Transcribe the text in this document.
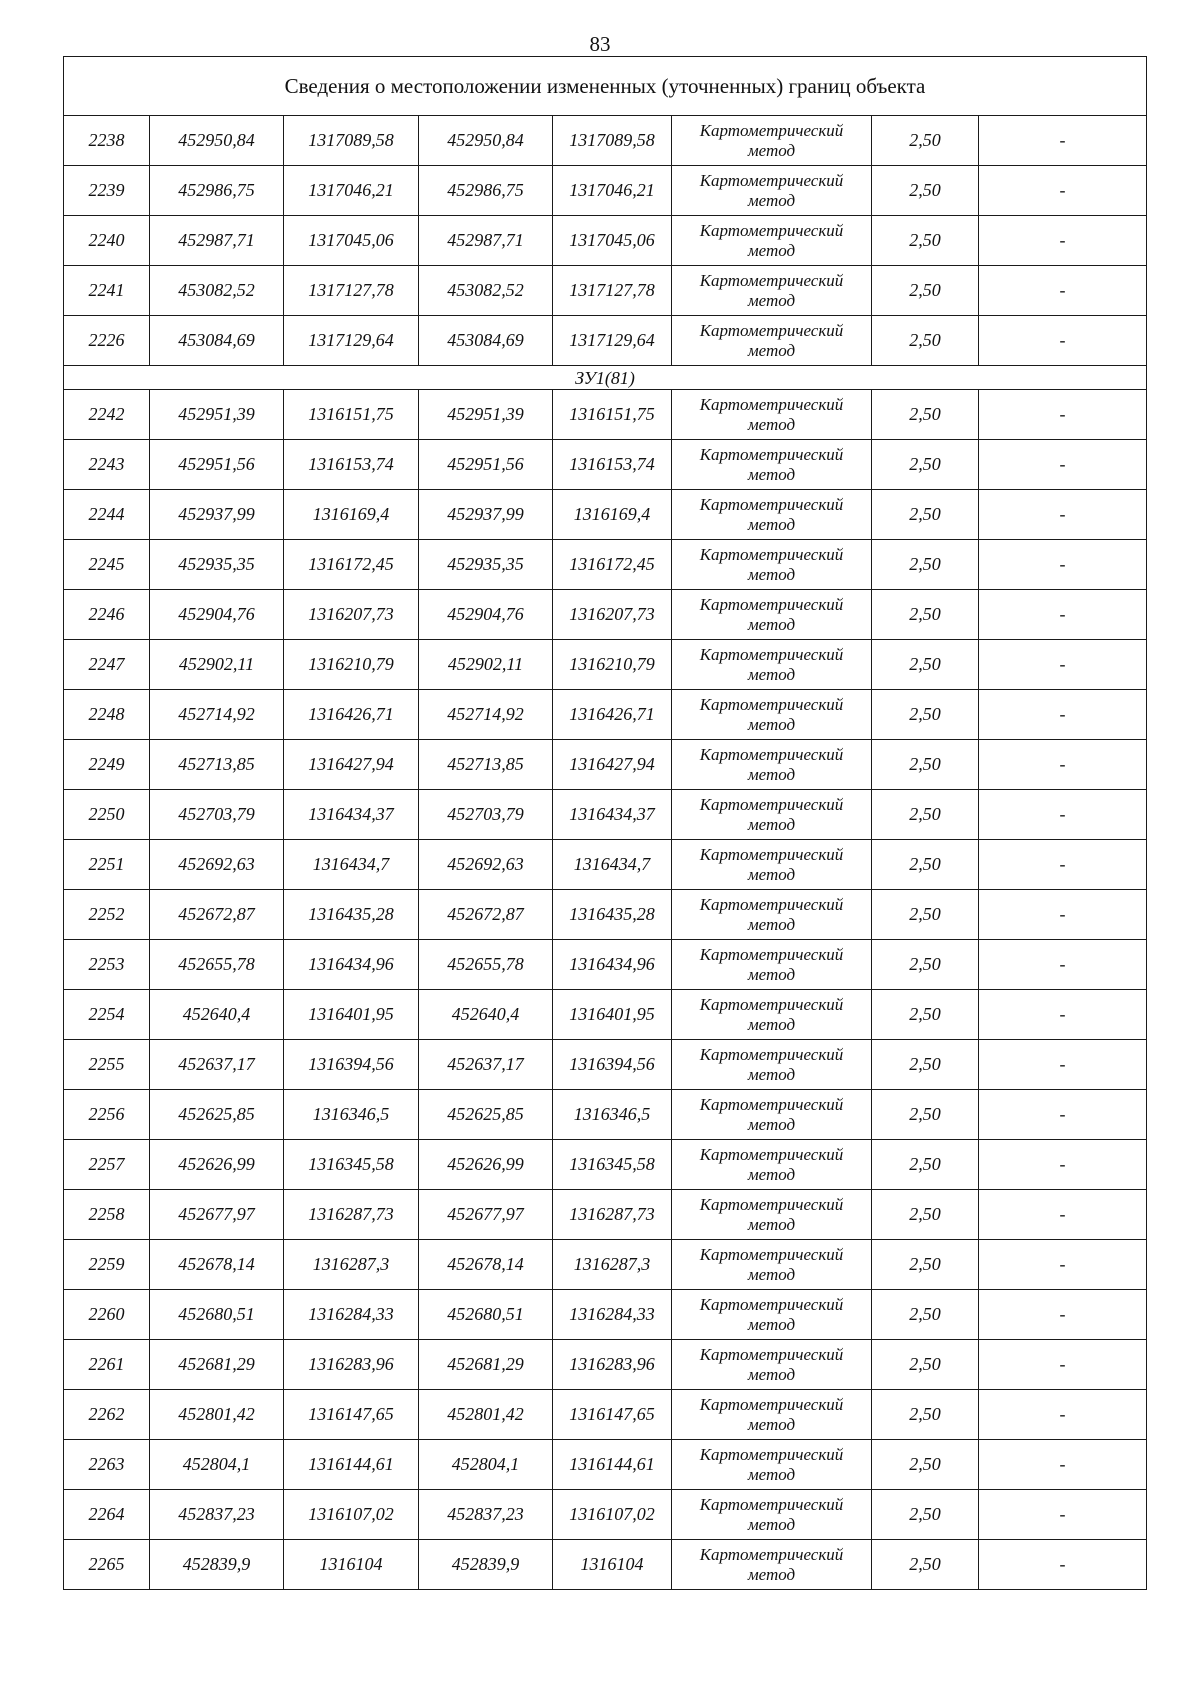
83
Сведения о местоположении измененных (уточненных) границ объекта							
2238	452950,84	1317089,58	452950,84	1317089,58	Картометрический
метод	2,50	-
2239	452986,75	1317046,21	452986,75	1317046,21	Картометрический
метод	2,50	-
2240	452987,71	1317045,06	452987,71	1317045,06	Картометрический
метод	2,50	-
2241	453082,52	1317127,78	453082,52	1317127,78	Картометрический
метод	2,50	-
2226	453084,69	1317129,64	453084,69	1317129,64	Картометрический
метод	2,50	-
ЗУ1(81)							
2242	452951,39	1316151,75	452951,39	1316151,75	Картометрический
метод	2,50	-
2243	452951,56	1316153,74	452951,56	1316153,74	Картометрический
метод	2,50	-
2244	452937,99	1316169,4	452937,99	1316169,4	Картометрический
метод	2,50	-
2245	452935,35	1316172,45	452935,35	1316172,45	Картометрический
метод	2,50	-
2246	452904,76	1316207,73	452904,76	1316207,73	Картометрический
метод	2,50	-
2247	452902,11	1316210,79	452902,11	1316210,79	Картометрический
метод	2,50	-
2248	452714,92	1316426,71	452714,92	1316426,71	Картометрический
метод	2,50	-
2249	452713,85	1316427,94	452713,85	1316427,94	Картометрический
метод	2,50	-
2250	452703,79	1316434,37	452703,79	1316434,37	Картометрический
метод	2,50	-
2251	452692,63	1316434,7	452692,63	1316434,7	Картометрический
метод	2,50	-
2252	452672,87	1316435,28	452672,87	1316435,28	Картометрический
метод	2,50	-
2253	452655,78	1316434,96	452655,78	1316434,96	Картометрический
метод	2,50	-
2254	452640,4	1316401,95	452640,4	1316401,95	Картометрический
метод	2,50	-
2255	452637,17	1316394,56	452637,17	1316394,56	Картометрический
метод	2,50	-
2256	452625,85	1316346,5	452625,85	1316346,5	Картометрический
метод	2,50	-
2257	452626,99	1316345,58	452626,99	1316345,58	Картометрический
метод	2,50	-
2258	452677,97	1316287,73	452677,97	1316287,73	Картометрический
метод	2,50	-
2259	452678,14	1316287,3	452678,14	1316287,3	Картометрический
метод	2,50	-
2260	452680,51	1316284,33	452680,51	1316284,33	Картометрический
метод	2,50	-
2261	452681,29	1316283,96	452681,29	1316283,96	Картометрический
метод	2,50	-
2262	452801,42	1316147,65	452801,42	1316147,65	Картометрический
метод	2,50	-
2263	452804,1	1316144,61	452804,1	1316144,61	Картометрический
метод	2,50	-
2264	452837,23	1316107,02	452837,23	1316107,02	Картометрический
метод	2,50	-
2265	452839,9	1316104	452839,9	1316104	Картометрический
метод	2,50	-
